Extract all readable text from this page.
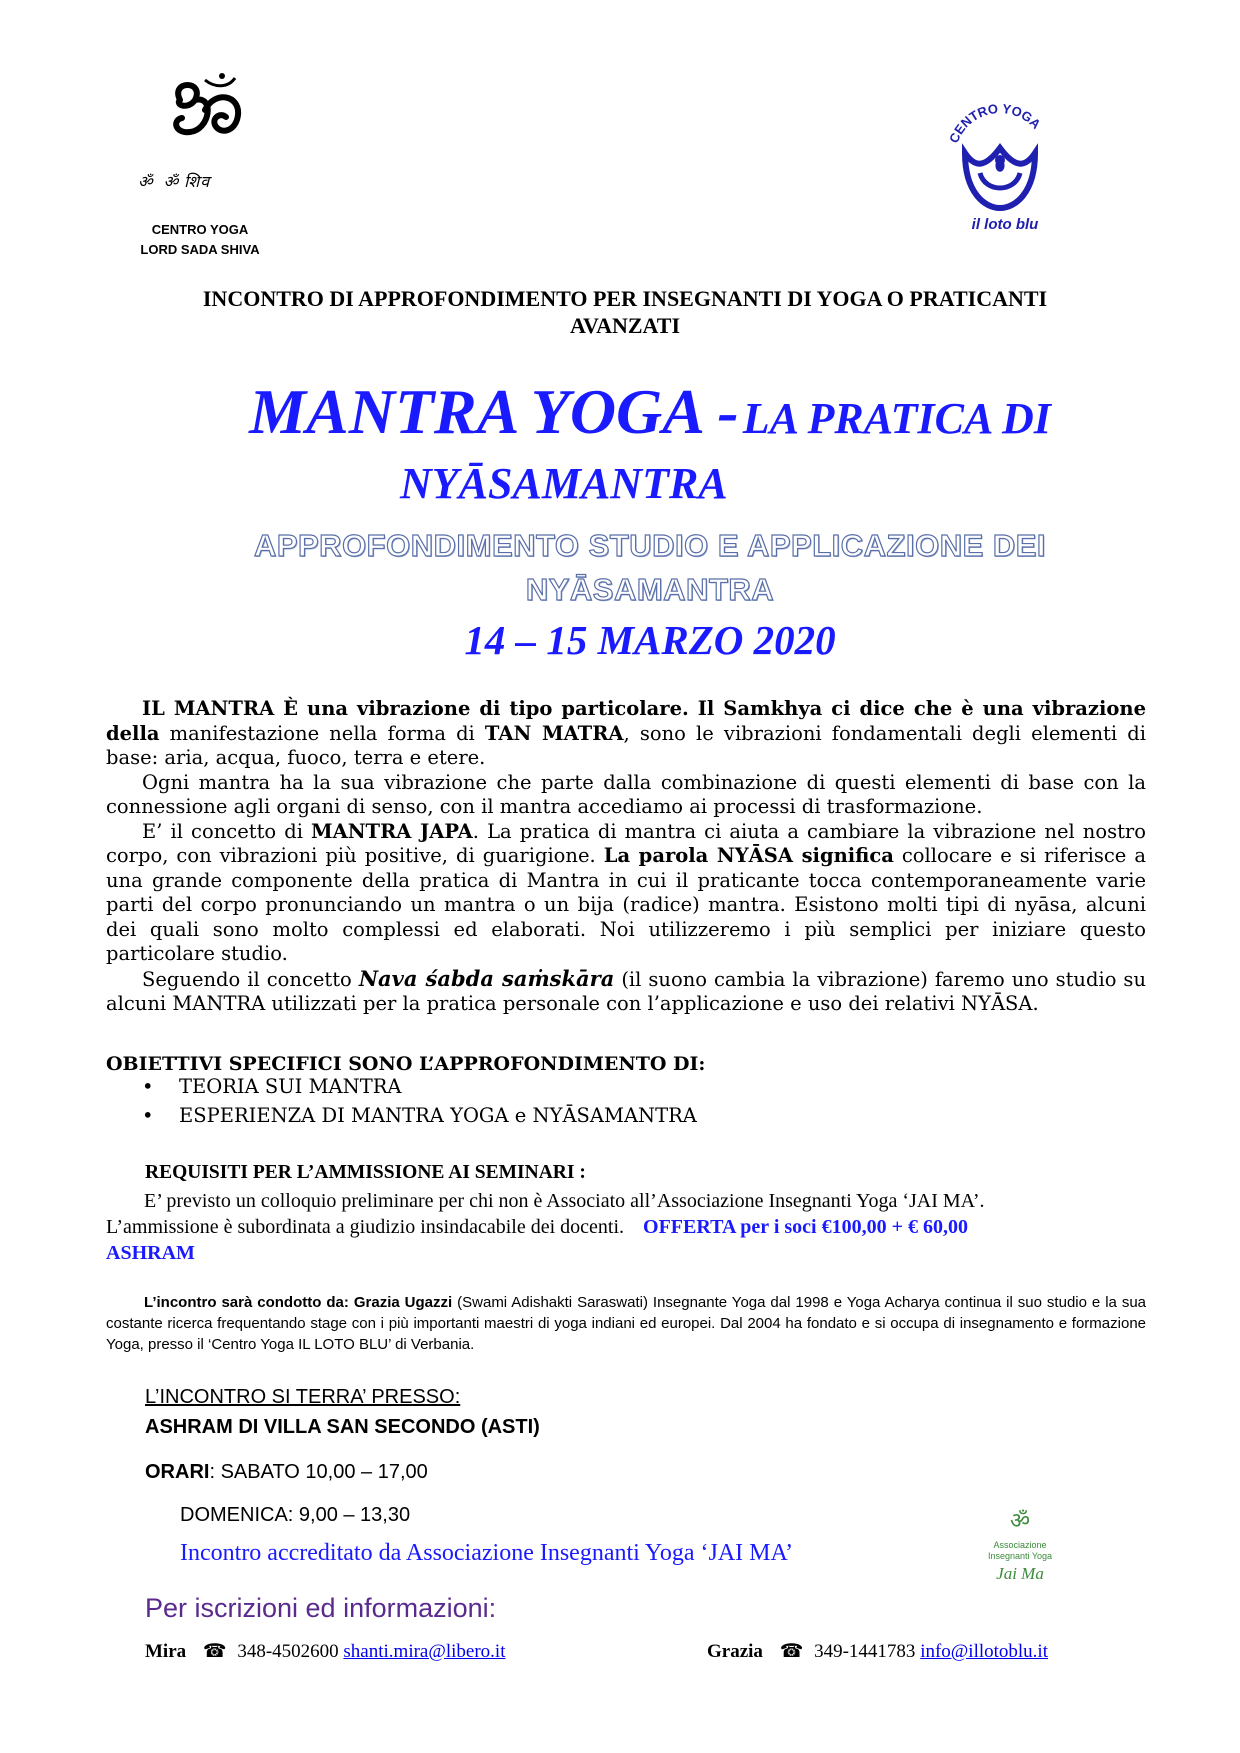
ॐ  ॐ शिव
CENTRO YOGA
LORD SADA SHIVA
CENTRO YOGA
il loto blu
INCONTRO DI APPROFONDIMENTO PER INSEGNANTI DI YOGA O PRATICANTI
AVANZATI
MANTRA YOGA - LA PRATICA DI
NYĀSAMANTRA
APPROFONDIMENTO STUDIO E APPLICAZIONE DEI
NYĀSAMANTRA
14 – 15 MARZO 2020

IL MANTRA È una vibrazione di tipo particolare. Il Samkhya ci dice che è una vibrazione della manifestazione nella forma di TAN MATRA, sono le vibrazioni fondamentali degli elementi di base: aria, acqua, fuoco, terra e etere.

Ogni mantra ha la sua vibrazione che parte dalla combinazione di questi elementi di base con la connessione agli organi di senso, con il mantra accediamo ai processi di trasformazione.

E’ il concetto di MANTRA JAPA. La pratica di mantra ci aiuta a cambiare la vibrazione nel nostro corpo, con vibrazioni più positive, di guarigione. La parola NYĀSA significa collocare e si riferisce a una grande componente della pratica di Mantra in cui il praticante tocca contemporaneamente varie parti del corpo pronunciando un mantra o un bija (radice) mantra. Esistono molti tipi di nyāsa, alcuni dei quali sono molto complessi ed elaborati. Noi utilizzeremo i più semplici per iniziare questo particolare studio.

Seguendo il concetto Nava śabda saṁskāra (il suono cambia la vibrazione) faremo uno studio su alcuni MANTRA utilizzati per la pratica personale con l’applicazione e uso dei relativi NYĀSA.

OBIETTIVI SPECIFICI SONO L’APPROFONDIMENTO DI:
• TEORIA SUI MANTRA
• ESPERIENZA DI MANTRA YOGA e NYĀSAMANTRA
REQUISITI PER L’AMMISSIONE AI SEMINARI :
E’ previsto un colloquio preliminare per chi non è Associato all’Associazione Insegnanti Yoga ‘JAI MA’.
L’ammissione è subordinata a giudizio insindacabile dei docenti. OFFERTA per i soci €100,00 + € 60,00
ASHRAM
L’incontro sarà condotto da: Grazia Ugazzi (Swami Adishakti Saraswati) Insegnante Yoga dal 1998 e Yoga Acharya continua il suo studio e la sua costante ricerca frequentando stage con i più importanti maestri di yoga indiani ed europei. Dal 2004 ha fondato e si occupa di insegnamento e formazione Yoga, presso il ‘Centro Yoga IL LOTO BLU’ di Verbania.
L’INCONTRO SI TERRA’ PRESSO:
ASHRAM DI VILLA SAN SECONDO (ASTI)
ORARI: SABATO 10,00 – 17,00
DOMENICA: 9,00 – 13,30	ॐ
Associazione
Insegnanti Yoga
Jai Ma
Incontro accreditato da Associazione Insegnanti Yoga ‘JAI MA’
Per iscrizioni ed informazioni:
Mira ☎ 348-4502600 shanti.mira@libero.it	Grazia ☎ 349-1441783 info@illotoblu.it
